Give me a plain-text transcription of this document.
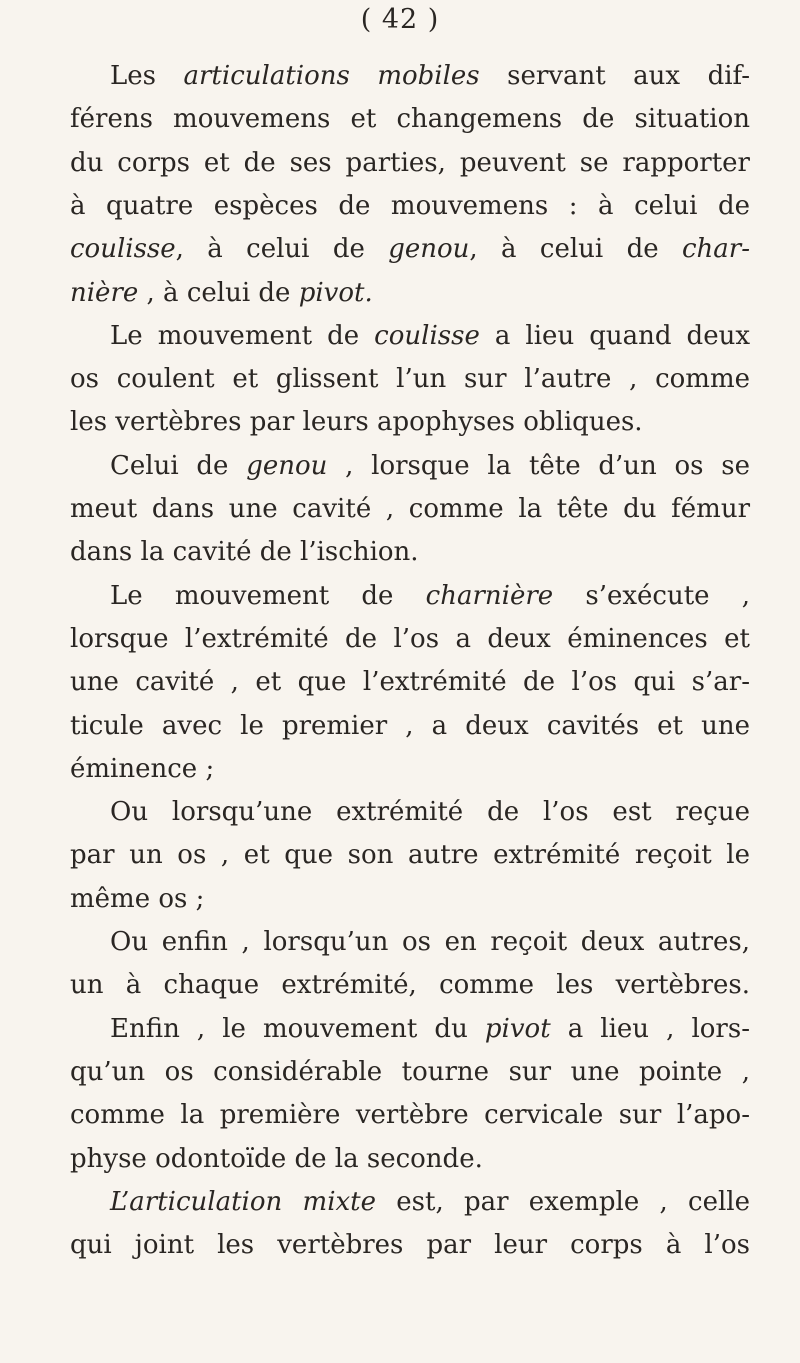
( 42 )
Les articulations mobiles servant aux dif-
férens mouvemens et changemens de situation
du corps et de ses parties, peuvent se rapporter
à quatre espèces de mouvemens : à celui de
coulisse, à celui de genou, à celui de char-
nière , à celui de pivot.
Le mouvement de coulisse a lieu quand deux
os coulent et glissent l’un sur l’autre , comme
les vertèbres par leurs apophyses obliques.
Celui de genou , lorsque la tête d’un os se
meut dans une cavité , comme la tête du fémur
dans la cavité de l’ischion.
Le mouvement de charnière s’exécute ,
lorsque l’extrémité de l’os a deux éminences et
une cavité , et que l’extrémité de l’os qui s’ar-
ticule avec le premier , a deux cavités et une
éminence ;
Ou lorsqu’une extrémité de l’os est reçue
par un os , et que son autre extrémité reçoit le
même os ;
Ou enfin , lorsqu’un os en reçoit deux autres,
un à chaque extrémité, comme les vertèbres.
Enfin , le mouvement du pivot a lieu , lors-
qu’un os considérable tourne sur une pointe ,
comme la première vertèbre cervicale sur l’apo-
physe odontoïde de la seconde.
L’articulation mixte est, par exemple , celle
qui joint les vertèbres par leur corps à l’os
